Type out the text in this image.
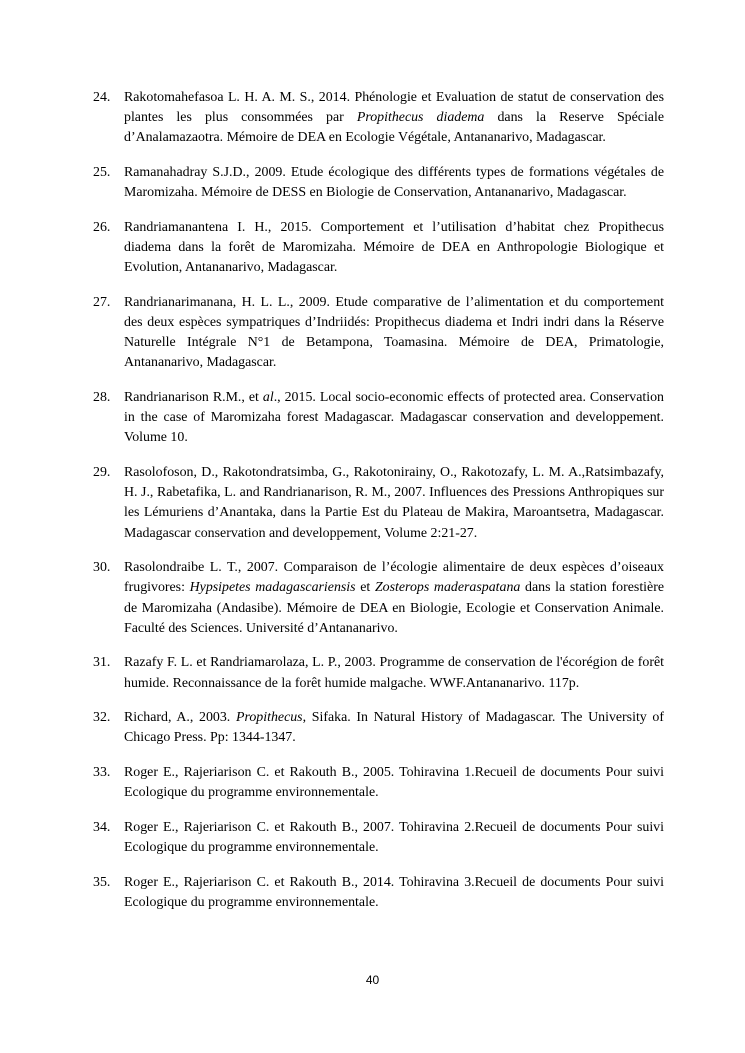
24. Rakotomahefasoa L. H. A. M. S., 2014. Phénologie et Evaluation de statut de conservation des plantes les plus consommées par Propithecus diadema dans la Reserve Spéciale d’Analamazaotra. Mémoire de DEA en Ecologie Végétale, Antananarivo, Madagascar.
25. Ramanahadray S.J.D., 2009. Etude écologique des différents types de formations végétales de Maromizaha. Mémoire de DESS en Biologie de Conservation, Antananarivo, Madagascar.
26. Randriamanantena I. H., 2015. Comportement et l’utilisation d’habitat chez Propithecus diadema dans la forêt de Maromizaha. Mémoire de DEA en Anthropologie Biologique et Evolution, Antananarivo, Madagascar.
27. Randrianarimanana, H. L. L., 2009. Etude comparative de l’alimentation et du comportement des deux espèces sympatriques d’Indriidés: Propithecus diadema et Indri indri dans la Réserve Naturelle Intégrale N°1 de Betampona, Toamasina. Mémoire de DEA, Primatologie, Antananarivo, Madagascar.
28. Randrianarison R.M., et al., 2015. Local socio-economic effects of protected area. Conservation in the case of Maromizaha forest Madagascar. Madagascar conservation and developpement. Volume 10.
29. Rasolofoson, D., Rakotondratsimba, G., Rakotonirainy, O., Rakotozafy, L. M. A.,Ratsimbazafy, H. J., Rabetafika, L. and Randrianarison, R. M., 2007. Influences des Pressions Anthropiques sur les Lémuriens d’Anantaka, dans la Partie Est du Plateau de Makira, Maroantsetra, Madagascar. Madagascar conservation and developpement, Volume 2:21-27.
30. Rasolondraibe L. T., 2007. Comparaison de l’écologie alimentaire de deux espèces d’oiseaux frugivores: Hypsipetes madagascariensis et Zosterops maderaspatana dans la station forestière de Maromizaha (Andasibe). Mémoire de DEA en Biologie, Ecologie et Conservation Animale. Faculté des Sciences. Université d’Antananarivo.
31. Razafy F. L. et Randriamarolaza, L. P., 2003. Programme de conservation de l'écorégion de forêt humide. Reconnaissance de la forêt humide malgache. WWF.Antananarivo. 117p.
32. Richard, A., 2003. Propithecus, Sifaka. In Natural History of Madagascar. The University of Chicago Press. Pp: 1344-1347.
33. Roger E., Rajeriarison C. et Rakouth B., 2005. Tohiravina 1.Recueil de documents Pour suivi Ecologique du programme environnementale.
34. Roger E., Rajeriarison C. et Rakouth B., 2007. Tohiravina 2.Recueil de documents Pour suivi Ecologique du programme environnementale.
35. Roger E., Rajeriarison C. et Rakouth B., 2014. Tohiravina 3.Recueil de documents Pour suivi Ecologique du programme environnementale.
40
